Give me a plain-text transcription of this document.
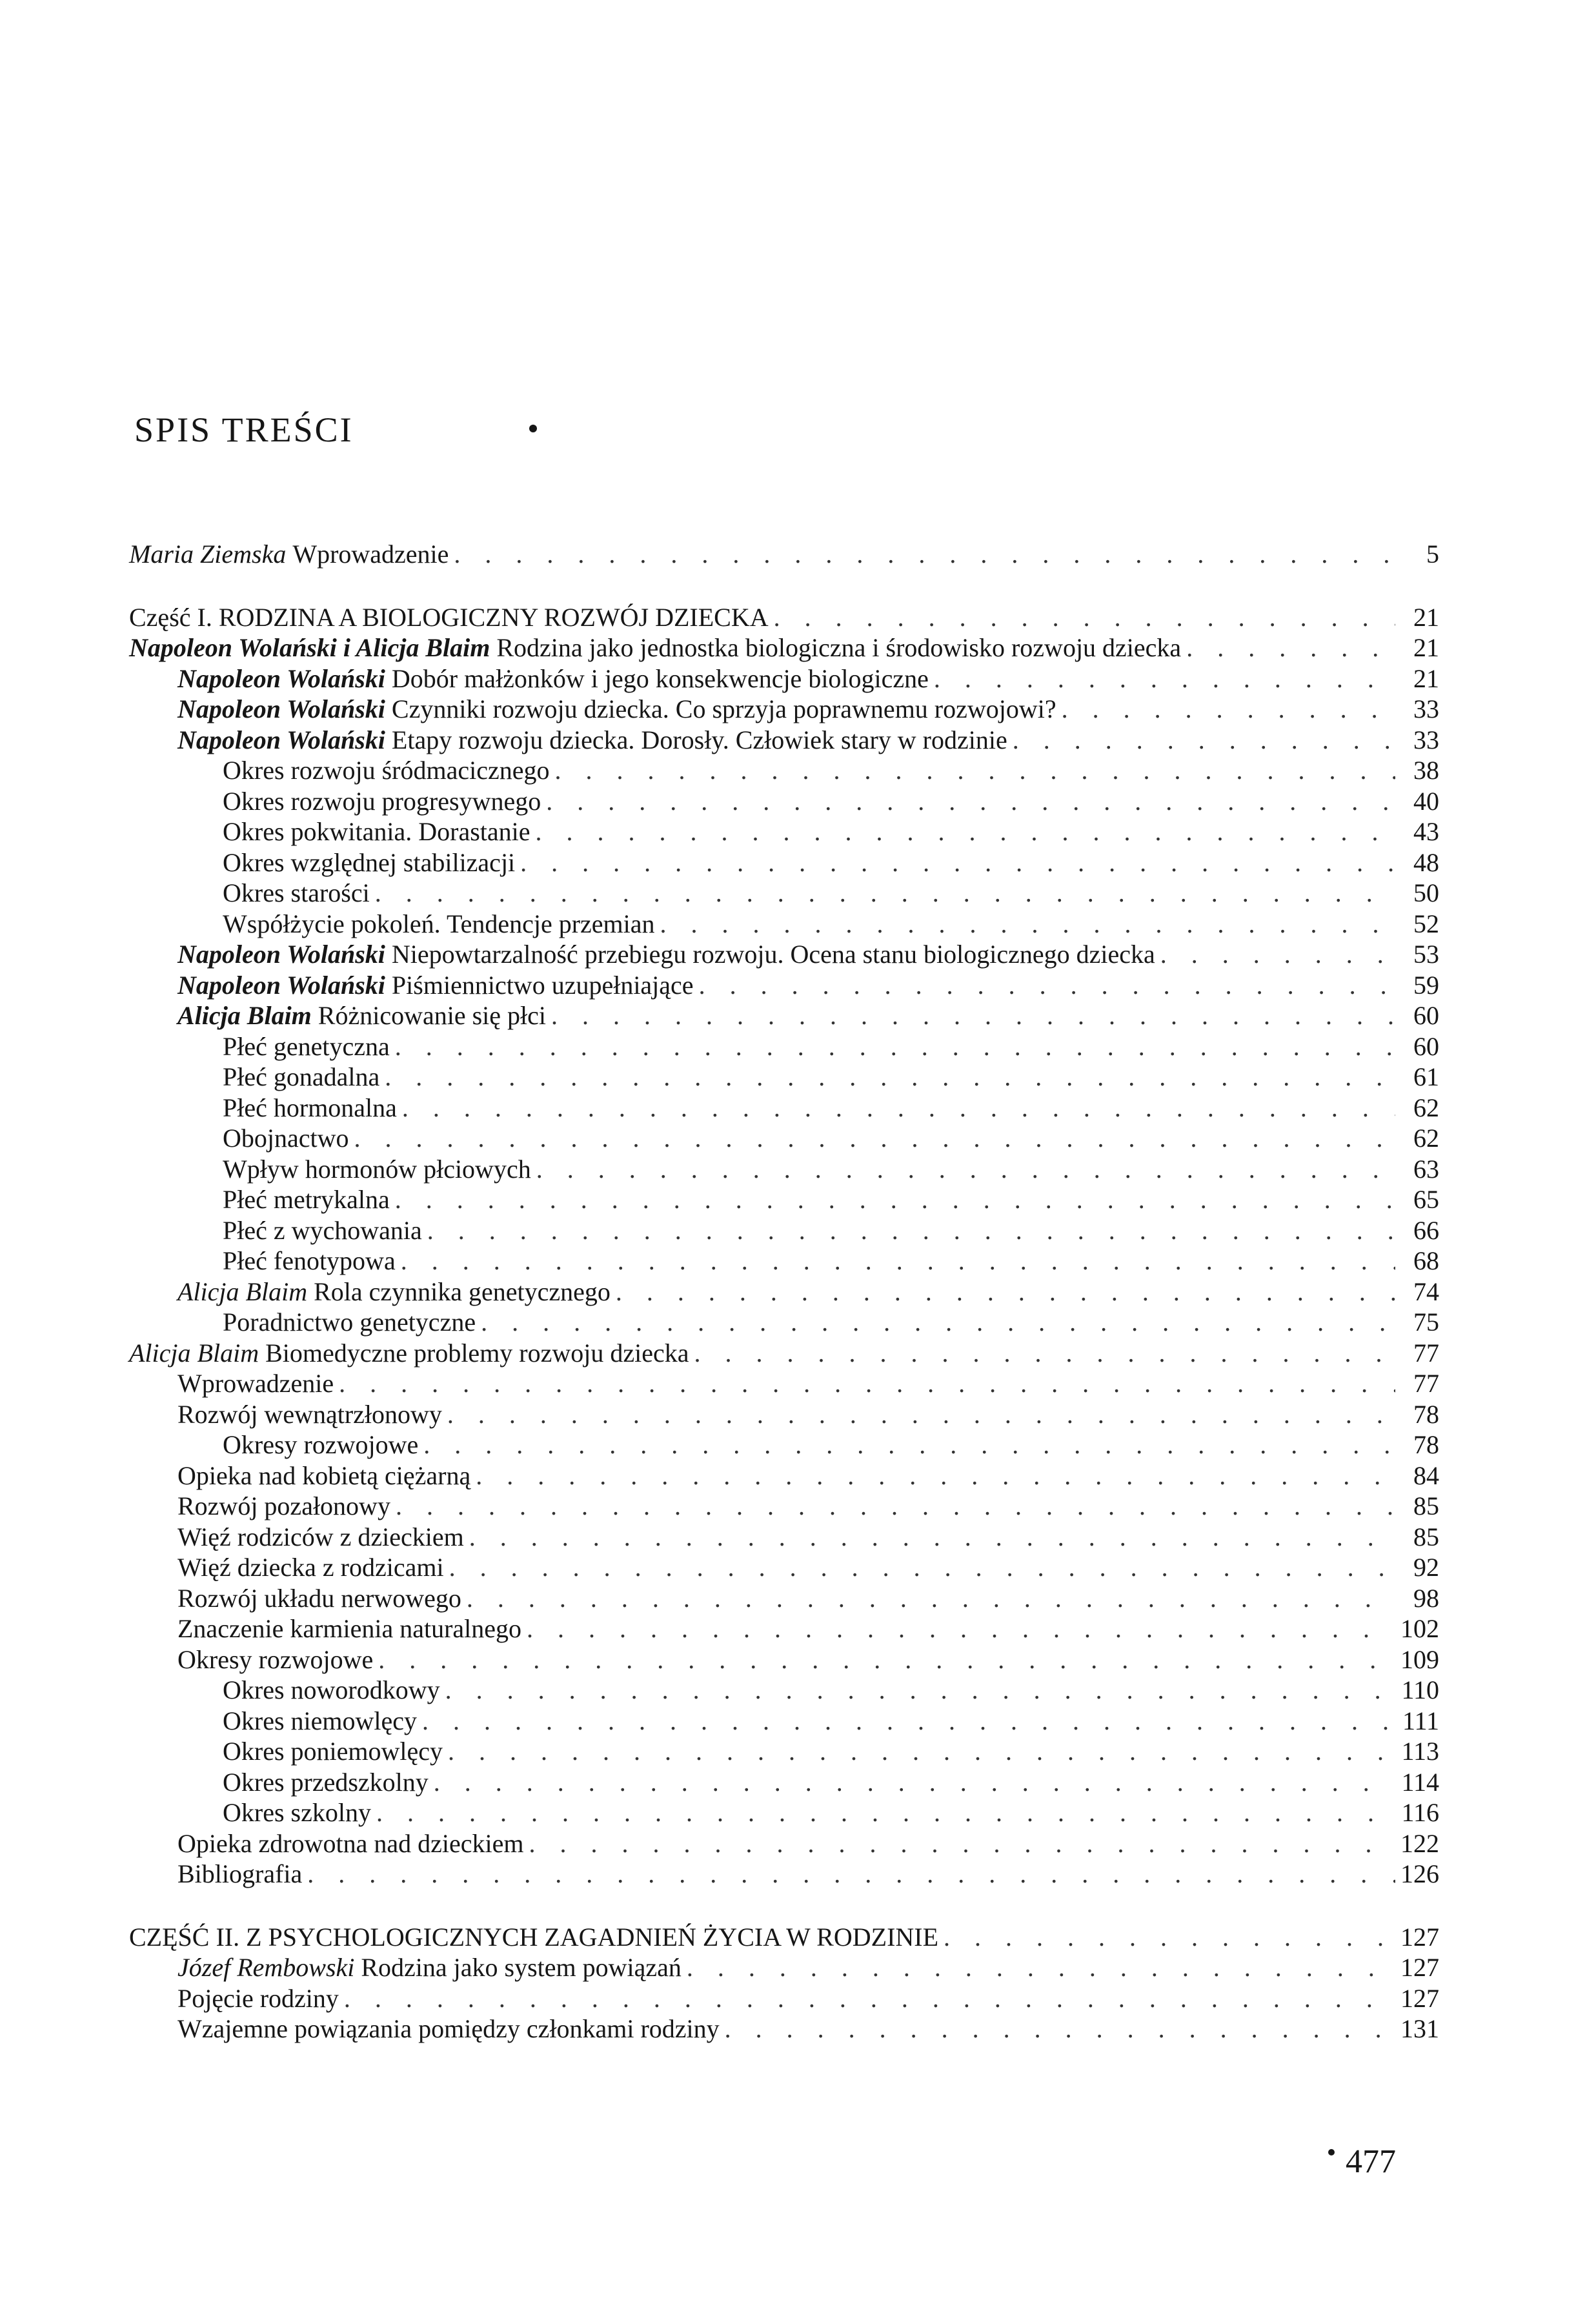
SPIS TREŚCI
Maria Ziemska Wprowadzenie . . .	5
Część I. RODZINA A BIOLOGICZNY ROZWÓJ DZIECKA . . .	21
Napoleon Wolański i Alicja Blaim Rodzina jako jednostka biologiczna i środowisko rozwoju dziecka . . .	21
Napoleon Wolański Dobór małżonków i jego konsekwencje biologiczne . . .	21
Napoleon Wolański Czynniki rozwoju dziecka. Co sprzyja poprawnemu rozwojowi? . . .	33
Napoleon Wolański Etapy rozwoju dziecka. Dorosły. Człowiek stary w rodzinie . . .	33
Okres rozwoju śródmacicznego . . .	38
Okres rozwoju progresywnego . . .	40
Okres pokwitania. Dorastanie . . .	43
Okres względnej stabilizacji . . .	48
Okres starości . . .	50
Współżycie pokoleń. Tendencje przemian . . .	52
Napoleon Wolański Niepowtarzalność przebiegu rozwoju. Ocena stanu biologicznego dziecka . . .	53
Napoleon Wolański Piśmiennictwo uzupełniające . . .	59
Alicja Blaim Różnicowanie się płci . . .	60
Płeć genetyczna . . .	60
Płeć gonadalna . . .	61
Płeć hormonalna . . .	62
Obojnactwo . . .	62
Wpływ hormonów płciowych . . .	63
Płeć metrykalna . . .	65
Płeć z wychowania . . .	66
Płeć fenotypowa . . .	68
Alicja Blaim Rola czynnika genetycznego . . .	74
Poradnictwo genetyczne . . .	75
Alicja Blaim Biomedyczne problemy rozwoju dziecka . . .	77
Wprowadzenie . . .	77
Rozwój wewnątrzłonowy . . .	78
Okresy rozwojowe . . .	78
Opieka nad kobietą ciężarną . . .	84
Rozwój pozałonowy . . .	85
Więź rodziców z dzieckiem . . .	85
Więź dziecka z rodzicami . . .	92
Rozwój układu nerwowego . . .	98
Znaczenie karmienia naturalnego . . .	102
Okresy rozwojowe . . .	109
Okres noworodkowy . . .	110
Okres niemowlęcy . . .	111
Okres poniemowlęcy . . .	113
Okres przedszkolny . . .	114
Okres szkolny . . .	116
Opieka zdrowotna nad dzieckiem . . .	122
Bibliografia . . .	126
CZĘŚĆ II. Z PSYCHOLOGICZNYCH ZAGADNIEŃ ŻYCIA W RODZINIE . . .	127
Józef Rembowski Rodzina jako system powiązań . . .	127
Pojęcie rodziny . . .	127
Wzajemne powiązania pomiędzy członkami rodziny . . .	131

477
